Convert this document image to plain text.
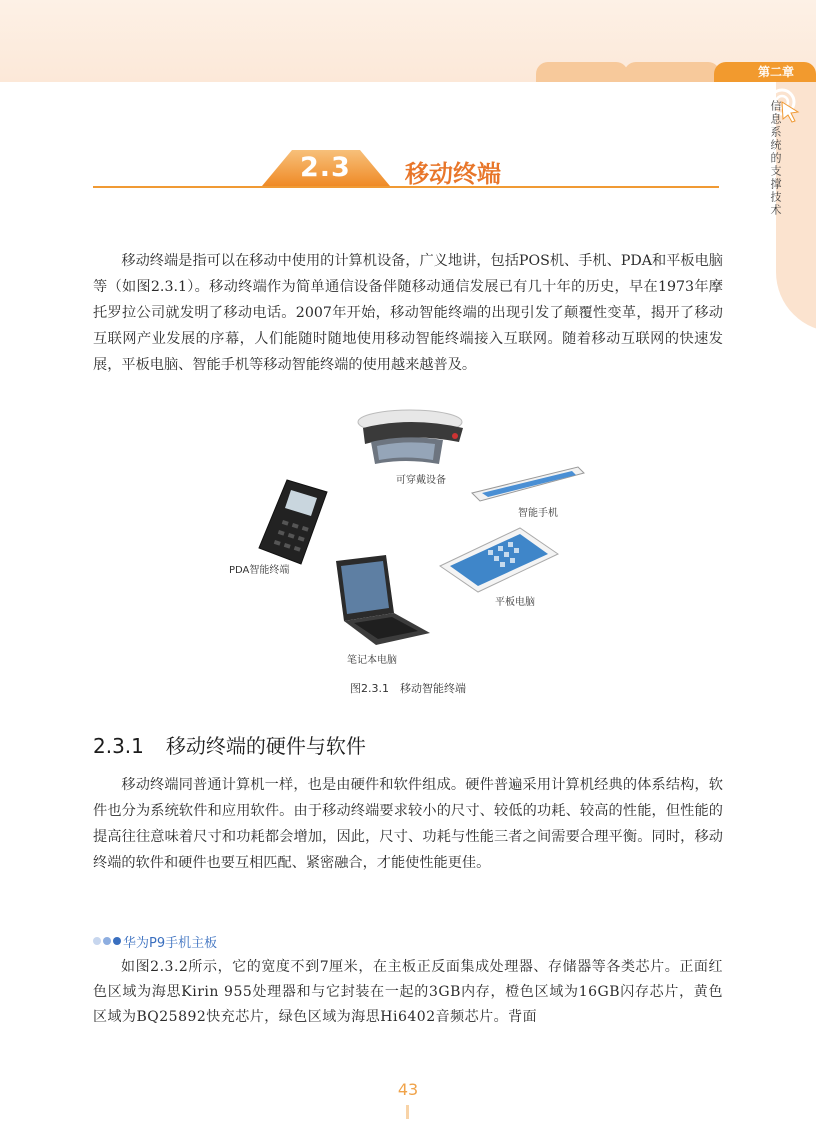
第二章
信息系统的支撑技术
2.3 移动终端

移动终端是指可以在移动中使用的计算机设备，广义地讲，包括POS机、手机、PDA和平板电脑等（如图2.3.1）。移动终端作为简单通信设备伴随移动通信发展已有几十年的历史，早在1973年摩托罗拉公司就发明了移动电话。2007年开始，移动智能终端的出现引发了颠覆性变革，揭开了移动互联网产业发展的序幕，人们能随时随地使用移动智能终端接入互联网。随着移动互联网的快速发展，平板电脑、智能手机等移动智能终端的使用越来越普及。

可穿戴设备
智能手机
PDA智能终端
平板电脑
笔记本电脑
图2.3.1　移动智能终端
2.3.1 移动终端的硬件与软件

移动终端同普通计算机一样，也是由硬件和软件组成。硬件普遍采用计算机经典的体系结构，软件也分为系统软件和应用软件。由于移动终端要求较小的尺寸、较低的功耗、较高的性能，但性能的提高往往意味着尺寸和功耗都会增加，因此，尺寸、功耗与性能三者之间需要合理平衡。同时，移动终端的软件和硬件也要互相匹配、紧密融合，才能使性能更佳。

华为P9手机主板

如图2.3.2所示，它的宽度不到7厘米，在主板正反面集成处理器、存储器等各类芯片。正面红色区域为海思Kirin 955处理器和与它封装在一起的3GB内存，橙色区域为16GB闪存芯片，黄色区域为BQ25892快充芯片，绿色区域为海思Hi6402音频芯片。背面

43
